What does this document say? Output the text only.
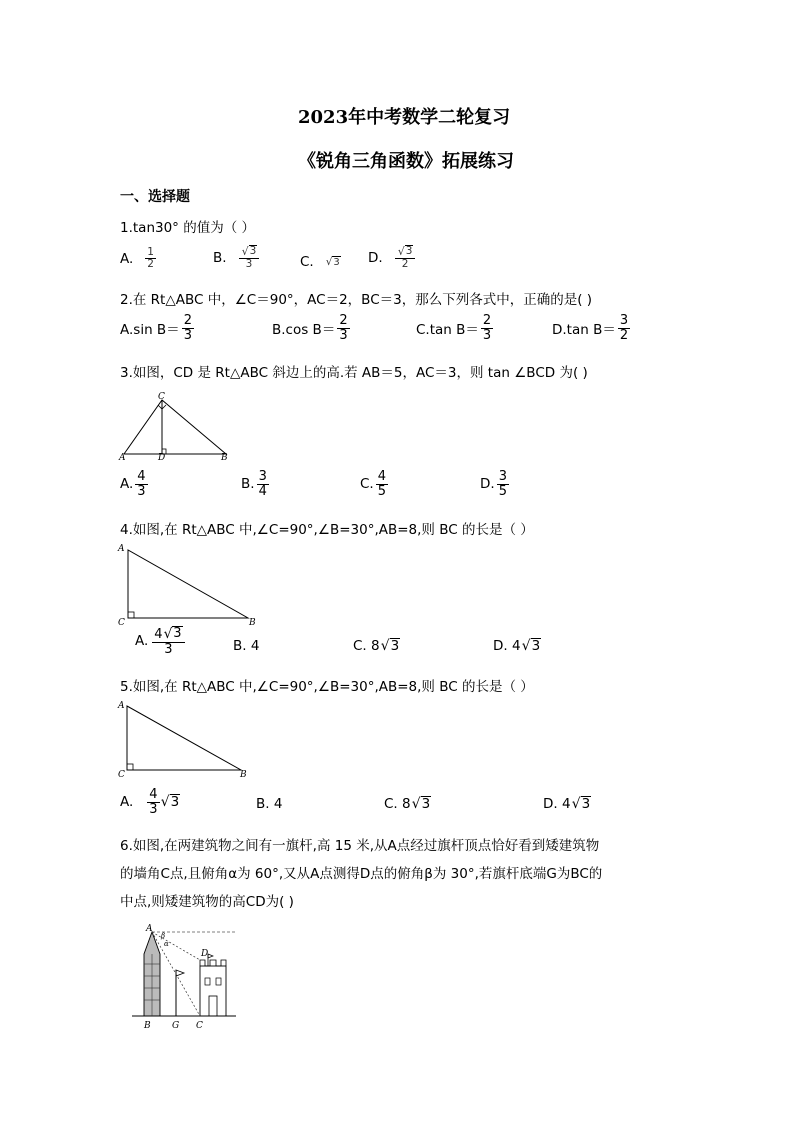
2023年中考数学二轮复习
《锐角三角函数》拓展练习
一、选择题
1.tan30° 的值为（ ）
A. $\frac{1}{2}$	B. $\frac{√ 3}{3}$	C. √ 3 D. $\frac{√ 3}{2}$
2.在 Rt△ABC 中，∠C＝90°，AC＝2，BC＝3，那么下列各式中，正确的是( )
A.sin $B= \frac{2}{3}$	B.cos $B= \frac{2}{3}$	C.tan $B= \frac{2}{3}$	D.tan $B= \frac{3}{2}$
3.如图，CD 是 Rt△ABC 斜边上的高.若 AB＝5，AC＝3，则 tan ∠BCD 为( )
A	D	B
C
A. $\frac{4}{3}$	B. $\frac{3}{4}$	C. $\frac{4}{5}$	D. $\frac{3}{5}$
4.如图,在 Rt△ABC 中,∠C=90°,∠B=30°,AB=8,则 BC 的长是（ ）
A
C	B
A. $\frac{4 √ 3}{3}$	B. 4	C. 8 √ 3	D. 4 √ 3
5.如图,在 Rt△ABC 中,∠C=90°,∠B=30°,AB=8,则 BC 的长是（ ）
A
C	B
A. $\frac{4}{3}$ √ 3	B. 4	C. 8 √ 3	D. 4 √ 3
6.如图,在两建筑物之间有一旗杆,高 15 米,从A点经过旗杆顶点恰好看到矮建筑物
的墙角C点,且俯角α为 60°,又从A点测得D点的俯角β为 30°,若旗杆底端G为BC的
中点,则矮建筑物的高CD为( )
A
β
α
D
B G C
